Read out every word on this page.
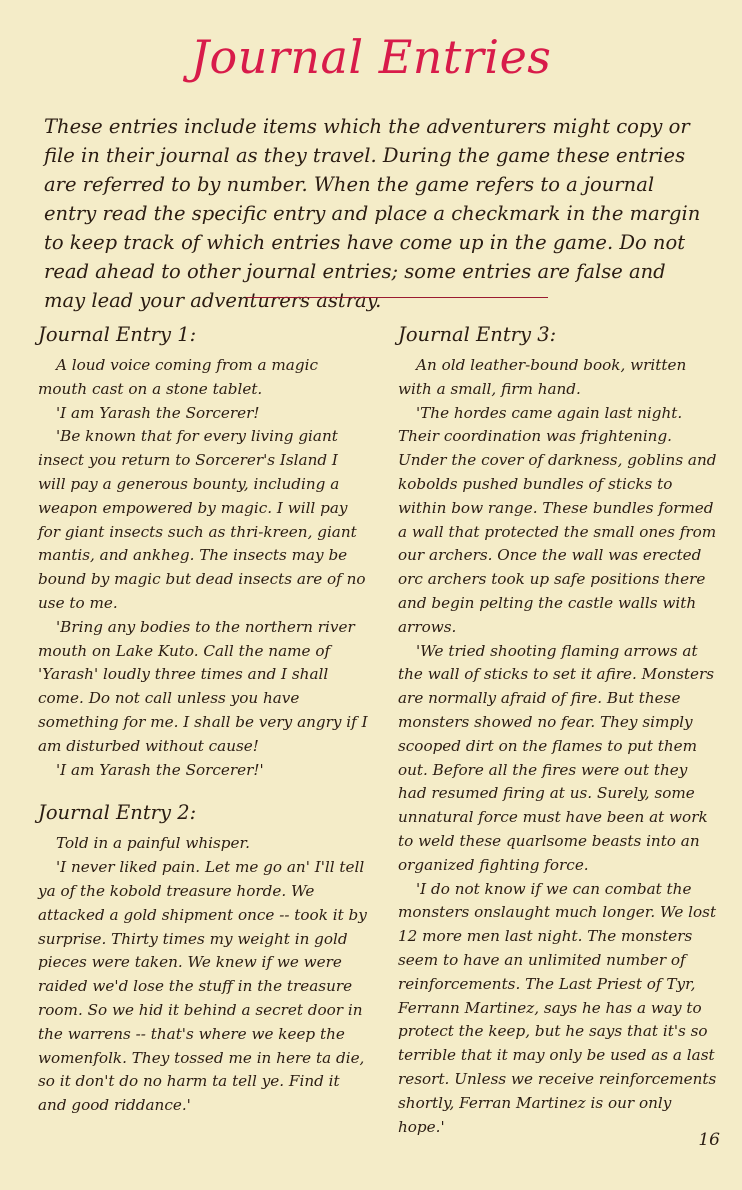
Journal Entries

These entries include items which the adventurers might copy or file in their journal as they travel. During the game these entries are referred to by number. When the game refers to a journal entry read the specific entry and place a checkmark in the margin to keep track of which entries have come up in the game. Do not read ahead to other journal entries; some entries are false and may lead your adventurers astray.

Journal Entry 1:

A loud voice coming from a magic mouth cast on a stone tablet.

'I am Yarash the Sorcerer!

'Be known that for every living giant insect you return to Sorcerer's Island I will pay a generous bounty, including a weapon empowered by magic. I will pay for giant insects such as thri-kreen, giant mantis, and ankheg. The insects may be bound by magic but dead insects are of no use to me.

'Bring any bodies to the northern river mouth on Lake Kuto. Call the name of 'Yarash' loudly three times and I shall come. Do not call unless you have something for me. I shall be very angry if I am disturbed without cause!

'I am Yarash the Sorcerer!'

Journal Entry 2:

Told in a painful whisper.

'I never liked pain. Let me go an' I'll tell ya of the kobold treasure horde. We attacked a gold shipment once -- took it by surprise. Thirty times my weight in gold pieces were taken. We knew if we were raided we'd lose the stuff in the treasure room. So we hid it behind a secret door in the warrens -- that's where we keep the womenfolk. They tossed me in here ta die, so it don't do no harm ta tell ye. Find it and good riddance.'

Journal Entry 3:

An old leather-bound book, written with a small, firm hand.

'The hordes came again last night. Their coordination was frightening. Under the cover of darkness, goblins and kobolds pushed bundles of sticks to within bow range. These bundles formed a wall that protected the small ones from our archers. Once the wall was erected orc archers took up safe positions there and begin pelting the castle walls with arrows.

'We tried shooting flaming arrows at the wall of sticks to set it afire. Monsters are normally afraid of fire. But these monsters showed no fear. They simply scooped dirt on the flames to put them out. Before all the fires were out they had resumed firing at us. Surely, some unnatural force must have been at work to weld these quarlsome beasts into an organized fighting force.

'I do not know if we can combat the monsters onslaught much longer. We lost 12 more men last night. The monsters seem to have an unlimited number of reinforcements. The Last Priest of Tyr, Ferrann Martinez, says he has a way to protect the keep, but he says that it's so terrible that it may only be used as a last resort. Unless we receive reinforcements shortly, Ferran Martinez is our only hope.'

16
